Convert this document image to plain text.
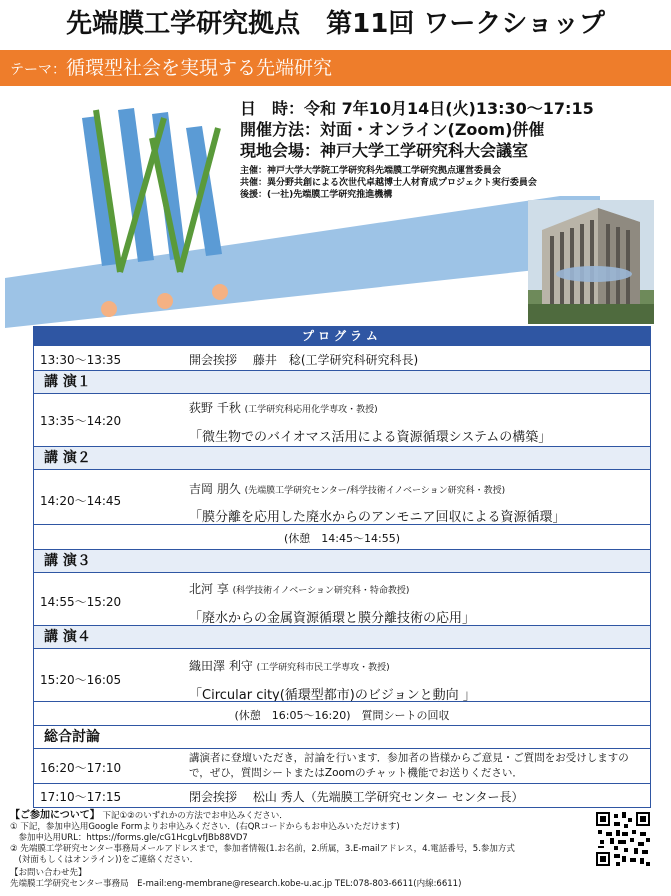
先端膜工学研究拠点　第11回 ワークショップ
テーマ：循環型社会を実現する先端研究
日　時：令和 7年10月14日(火)13:30～17:15
開催方法：対面・オンライン(Zoom)併催
現地会場：神戸大学工学研究科大会議室
主催：神戸大学大学院工学研究科先端膜工学研究拠点運営委員会
共催：異分野共創による次世代卓越博士人材育成プロジェクト実行委員会
後援：(一社)先端膜工学研究推進機構
プログラム
13:30～13:35	開会挨拶　 藤井　稔(工学研究科研究科長)
講 演１
荻野 千秋 (工学研究科応用化学専攻・教授)
13:35～14:20
「微生物でのバイオマス活用による資源循環システムの構築」
講 演２
吉岡 朋久 (先端膜工学研究センター/科学技術イノベーション研究科・教授)
14:20～14:45
「膜分離を応用した廃水からのアンモニア回収による資源循環」
(休憩　14:45～14:55)
講 演３
北河 享 (科学技術イノベーション研究科・特命教授)
14:55～15:20
「廃水からの金属資源循環と膜分離技術の応用」
講 演４
織田澤 利守 (工学研究科市民工学専攻・教授)
15:20～16:05
「Circular city(循環型都市)のビジョンと動向 」
(休憩　16:05～16:20)　質問シートの回収
総合討論
16:20～17:10
講演者に登壇いただき，討論を行います．参加者の皆様からご意見・ご質問をお受けしますので，ぜひ，質問シートまたはZoomのチャット機能でお送りください．
17:10～17:15	閉会挨拶　 松山 秀人（先端膜工学研究センター センター長）
【ご参加について】 下記①②のいずれかの方法でお申込みください．
① 下記，参加申込用Google Formよりお申込みください．(右QRコードからもお申込みいただけます)
　参加申込用URL：https://forms.gle/cG1HcgLvfJBb88VD7
② 先端膜工学研究センター事務局メールアドレスまで，参加者情報(1.お名前，2.所属，3.E-mailアドレス，4.電話番号，5.参加方式
　(対面もしくはオンライン))をご連絡ください．
【お問い合わせ先】
先端膜工学研究センター事務局　E-mail:eng-membrane@research.kobe-u.ac.jp TEL:078-803-6611(内線:6611)
